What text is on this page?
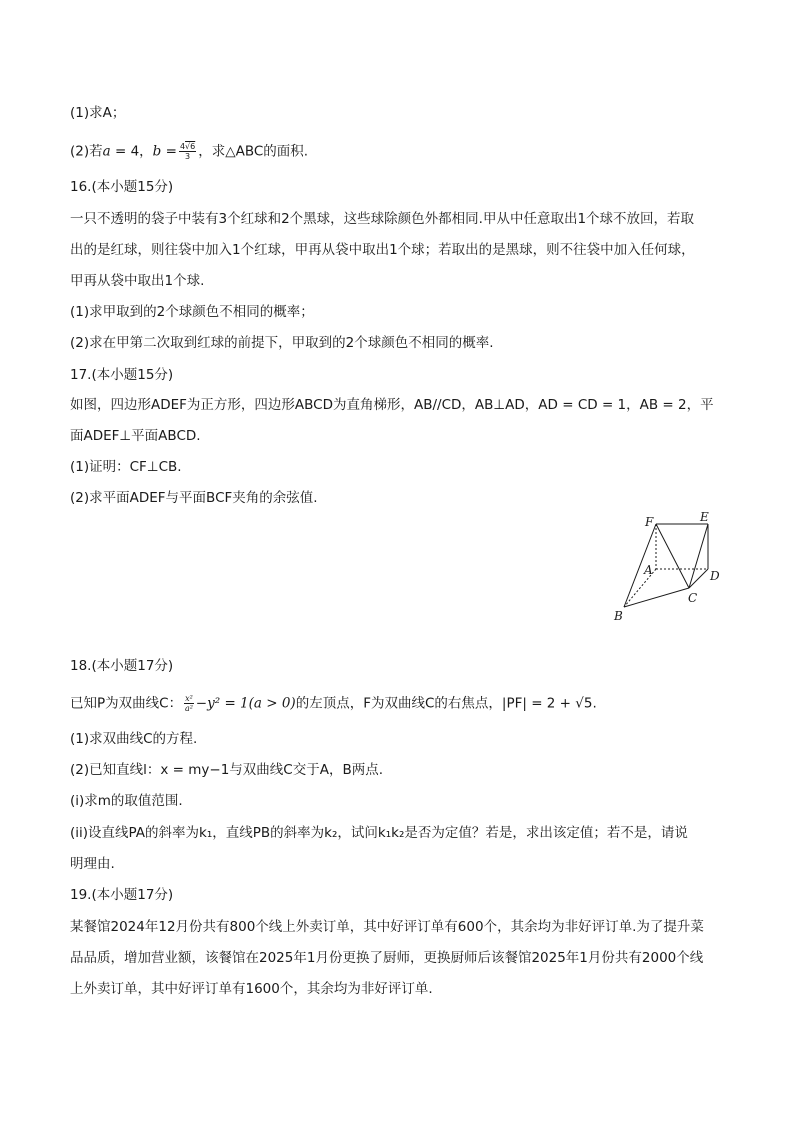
(1)求A；
(2)若a = 4，$b = \frac{4√6}{3}$ ，求△ABC的面积.
16.(本小题15分)
一只不透明的袋子中装有3个红球和2个黑球，这些球除颜色外都相同.甲从中任意取出1个球不放回，若取
出的是红球，则往袋中加入1个红球，甲再从袋中取出1个球；若取出的是黑球，则不往袋中加入任何球，
甲再从袋中取出1个球.
(1)求甲取到的2个球颜色不相同的概率；
(2)求在甲第二次取到红球的前提下，甲取到的2个球颜色不相同的概率.
17.(本小题15分)
如图，四边形ADEF为正方形，四边形ABCD为直角梯形，AB//CD，AB⊥AD，AD = CD = 1，AB = 2，平
面ADEF⊥平面ABCD.
(1)证明：CF⊥CB.
(2)求平面ADEF与平面BCF夹角的余弦值.
F	E
A	D
C
B
18.(本小题17分)
已知P为双曲线C： $\frac{\text{x²}}{\text{a²}} -y^2 = 1(a > 0)$的左顶点，F为双曲线C的右焦点，|PF| = 2 + √5.
(1)求双曲线C的方程.
(2)已知直线l：x = my−1与双曲线C交于A，B两点.
(i)求m的取值范围.
(ii)设直线PA的斜率为k₁，直线PB的斜率为k₂，试问k₁k₂是否为定值？若是，求出该定值；若不是，请说
明理由.
19.(本小题17分)
某餐馆2024年12月份共有800个线上外卖订单，其中好评订单有600个，其余均为非好评订单.为了提升菜
品品质，增加营业额，该餐馆在2025年1月份更换了厨师，更换厨师后该餐馆2025年1月份共有2000个线
上外卖订单，其中好评订单有1600个，其余均为非好评订单.
